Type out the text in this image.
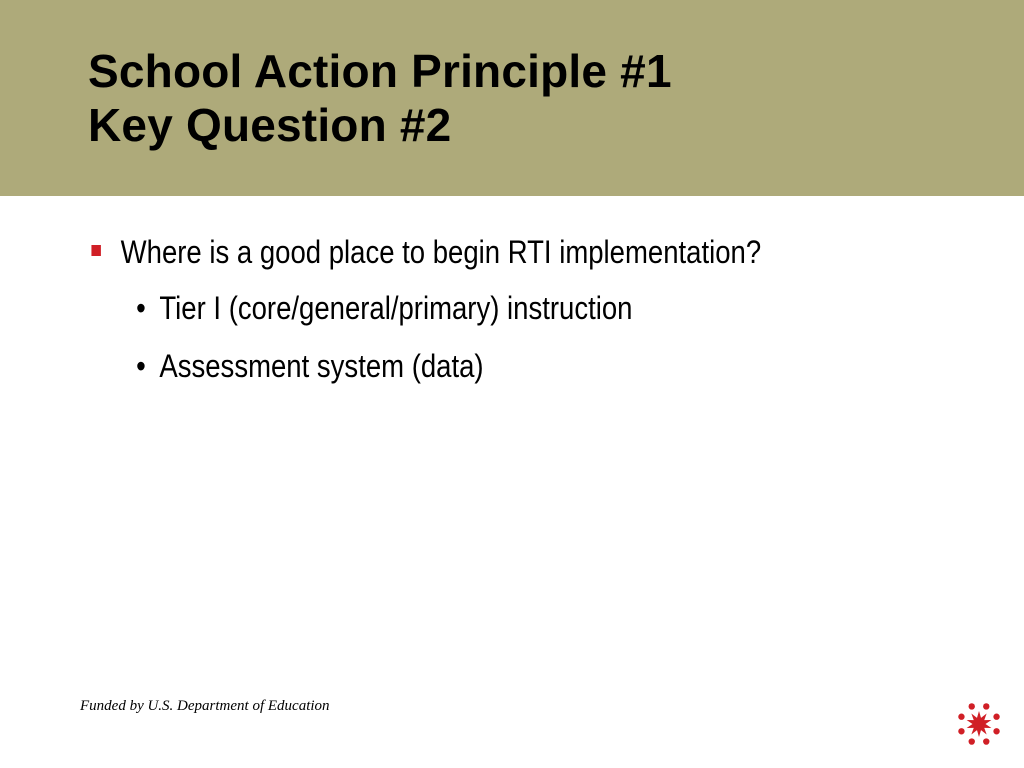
School Action Principle #1
Key Question #2
Where is a good place to begin RTI implementation?
• Tier I (core/general/primary) instruction
• Assessment system (data)
Funded by U.S. Department of Education
